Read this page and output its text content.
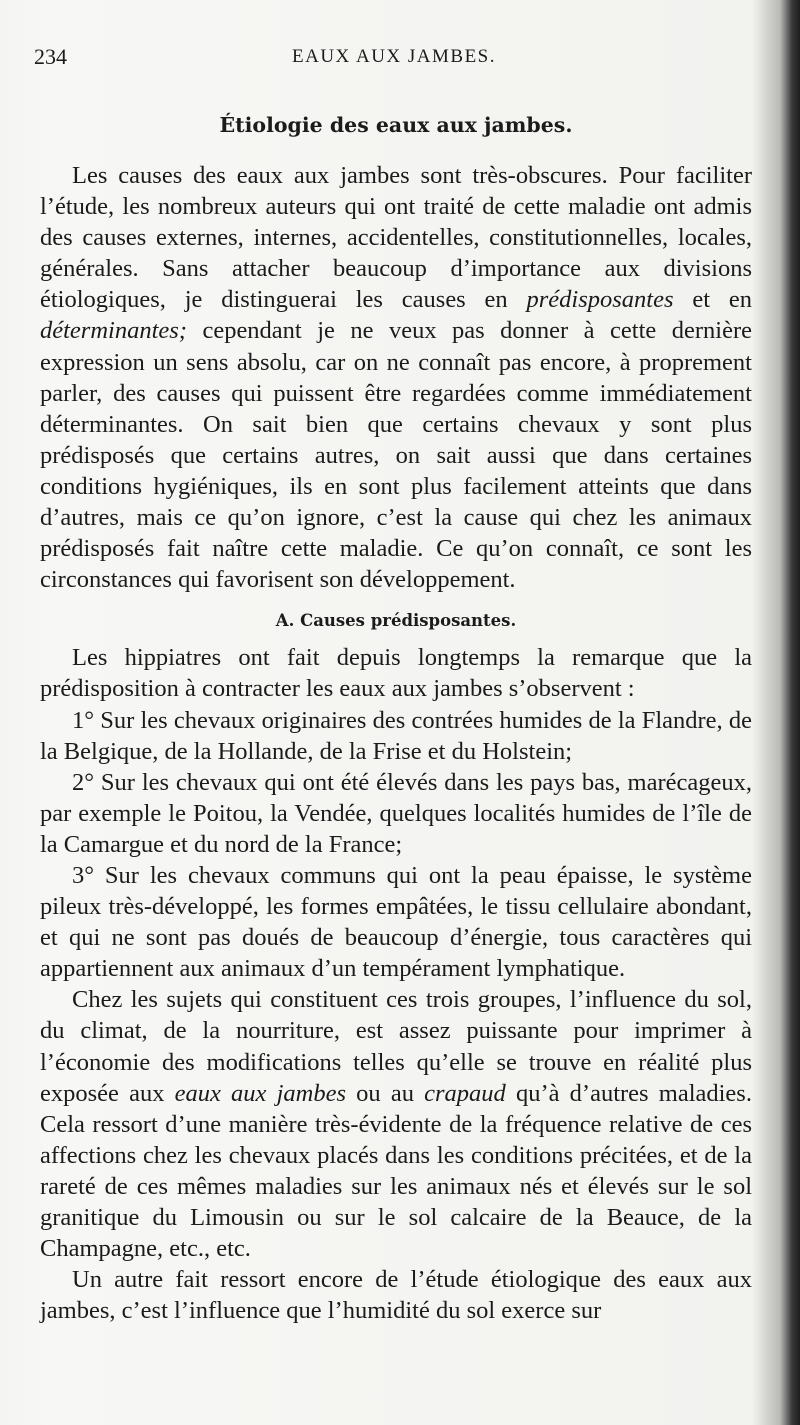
234	EAUX AUX JAMBES.
Étiologie des eaux aux jambes.

Les causes des eaux aux jambes sont très-obscures. Pour faciliter l’étude, les nombreux auteurs qui ont traité de cette maladie ont admis des causes externes, internes, accidentelles, constitutionnelles, locales, générales. Sans attacher beaucoup d’importance aux divisions étiologiques, je distinguerai les causes en prédisposantes et en déterminantes; cependant je ne veux pas donner à cette dernière expression un sens absolu, car on ne connaît pas encore, à proprement parler, des causes qui puissent être regardées comme immédiatement déterminantes. On sait bien que certains chevaux y sont plus prédisposés que certains autres, on sait aussi que dans certaines conditions hygiéniques, ils en sont plus facilement atteints que dans d’autres, mais ce qu’on ignore, c’est la cause qui chez les animaux prédisposés fait naître cette maladie. Ce qu’on connaît, ce sont les circonstances qui favorisent son développement.

A. Causes prédisposantes.

Les hippiatres ont fait depuis longtemps la remarque que la prédisposition à contracter les eaux aux jambes s’observent :

1° Sur les chevaux originaires des contrées humides de la Flandre, de la Belgique, de la Hollande, de la Frise et du Holstein;

2° Sur les chevaux qui ont été élevés dans les pays bas, marécageux, par exemple le Poitou, la Vendée, quelques localités humides de l’île de la Camargue et du nord de la France;

3° Sur les chevaux communs qui ont la peau épaisse, le système pileux très-développé, les formes empâtées, le tissu cellulaire abondant, et qui ne sont pas doués de beaucoup d’énergie, tous caractères qui appartiennent aux animaux d’un tempérament lymphatique.

Chez les sujets qui constituent ces trois groupes, l’influence du sol, du climat, de la nourriture, est assez puissante pour imprimer à l’économie des modifications telles qu’elle se trouve en réalité plus exposée aux eaux aux jambes ou au crapaud qu’à d’autres maladies. Cela ressort d’une manière très-évidente de la fréquence relative de ces affections chez les chevaux placés dans les conditions précitées, et de la rareté de ces mêmes maladies sur les animaux nés et élevés sur le sol granitique du Limousin ou sur le sol calcaire de la Beauce, de la Champagne, etc., etc.

Un autre fait ressort encore de l’étude étiologique des eaux aux jambes, c’est l’influence que l’humidité du sol exerce sur
